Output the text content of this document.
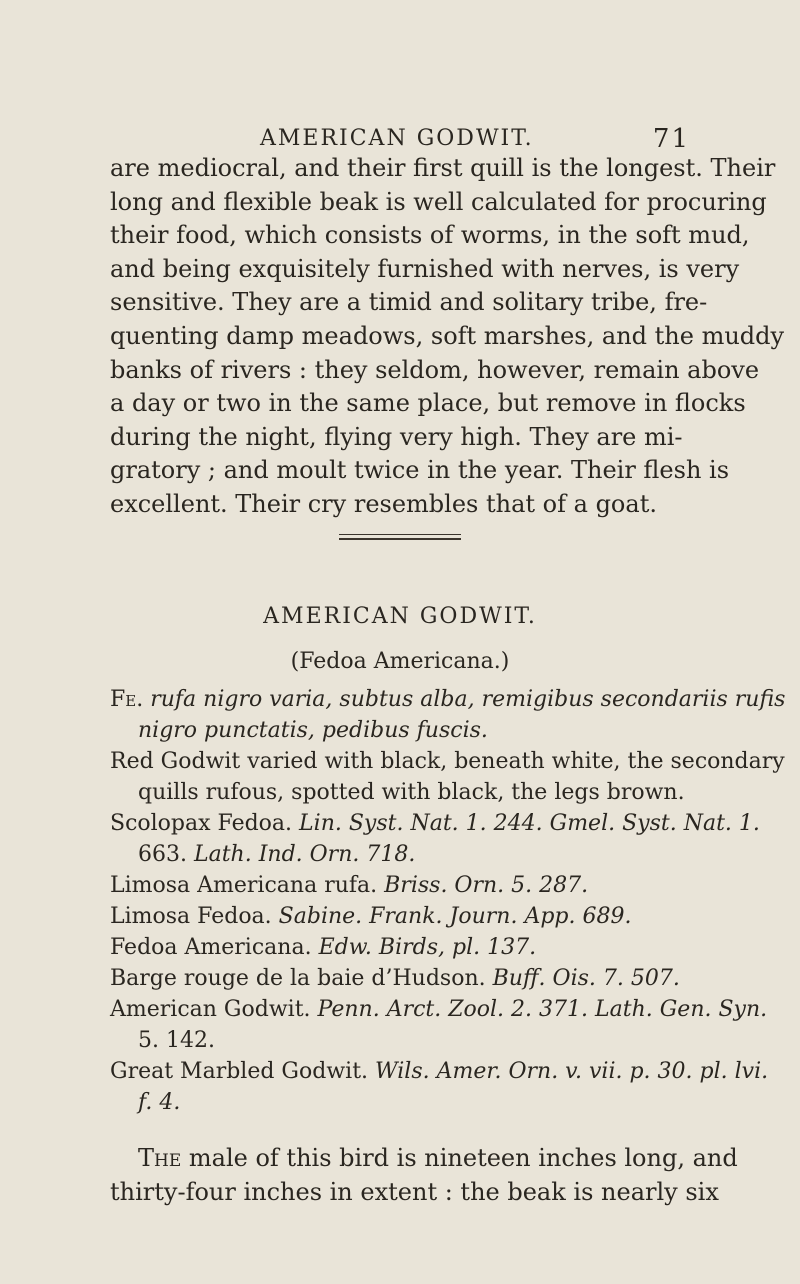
AMERICAN GODWIT.	71
are mediocral, and their first quill is the longest. Their
long and flexible beak is well calculated for procuring
their food, which consists of worms, in the soft mud,
and being exquisitely furnished with nerves, is very
sensitive. They are a timid and solitary tribe, fre-
quenting damp meadows, soft marshes, and the muddy
banks of rivers : they seldom, however, remain above
a day or two in the same place, but remove in flocks
during the night, flying very high. They are mi-
gratory ; and moult twice in the year. Their flesh is
excellent. Their cry resembles that of a goat.
AMERICAN GODWIT.
(Fedoa Americana.)
Fe. rufa nigro varia, subtus alba, remigibus secondariis rufis
nigro punctatis, pedibus fuscis.
Red Godwit varied with black, beneath white, the secondary
quills rufous, spotted with black, the legs brown.
Scolopax Fedoa. Lin. Syst. Nat. 1. 244. Gmel. Syst. Nat. 1.
663. Lath. Ind. Orn. 718.
Limosa Americana rufa. Briss. Orn. 5. 287.
Limosa Fedoa. Sabine. Frank. Journ. App. 689.
Fedoa Americana. Edw. Birds, pl. 137.
Barge rouge de la baie d’Hudson. Buff. Ois. 7. 507.
American Godwit. Penn. Arct. Zool. 2. 371. Lath. Gen. Syn.
5. 142.
Great Marbled Godwit. Wils. Amer. Orn. v. vii. p. 30. pl. lvi.
f. 4.
The male of this bird is nineteen inches long, and
thirty-four inches in extent : the beak is nearly six
